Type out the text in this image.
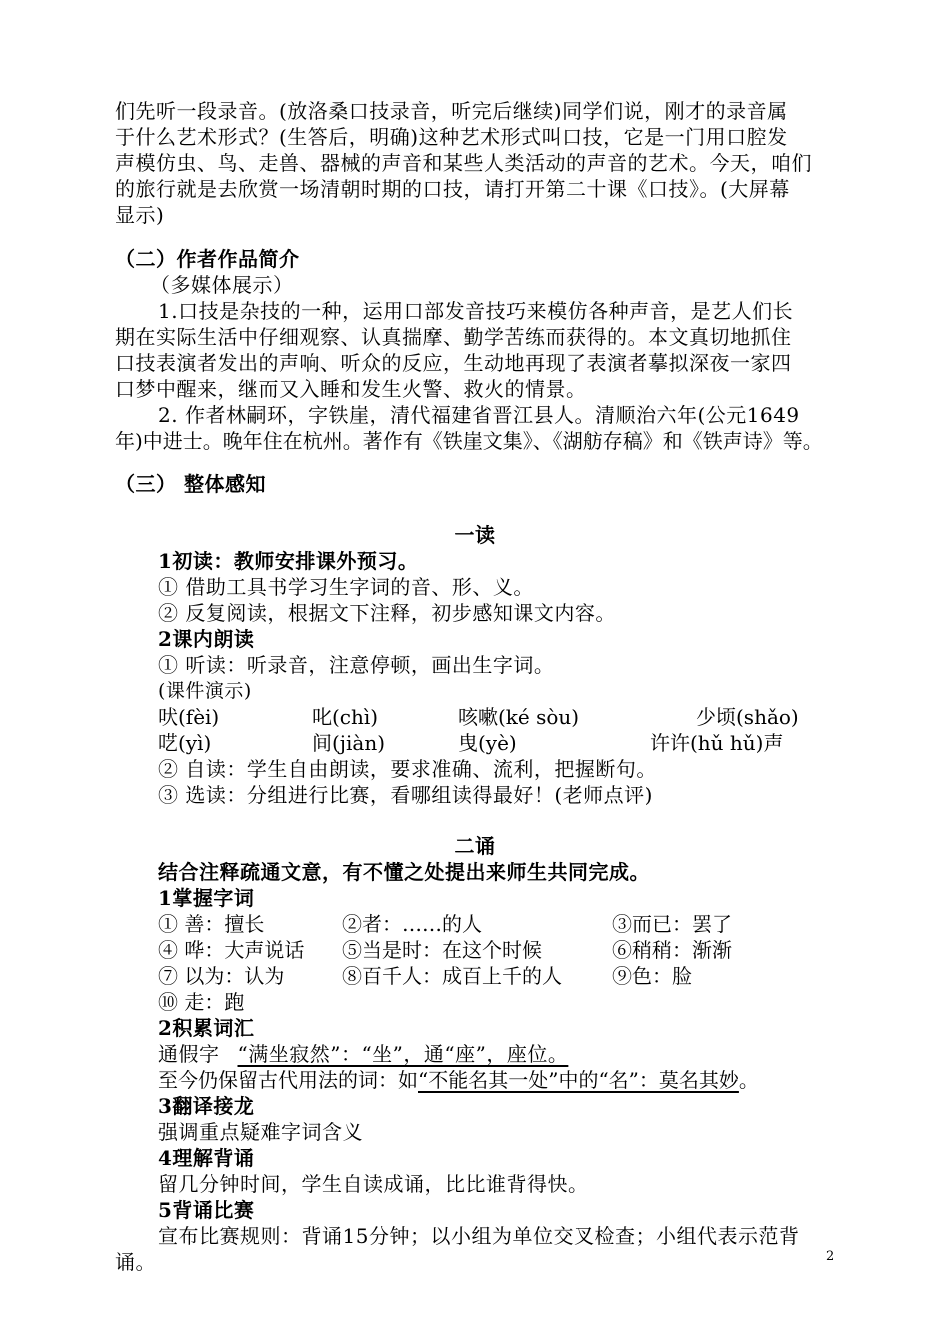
们先听一段录音。(放洛桑口技录音，听完后继续)同学们说，刚才的录音属
于什么艺术形式？(生答后，明确)这种艺术形式叫口技，它是一门用口腔发
声模仿虫、鸟、走兽、器械的声音和某些人类活动的声音的艺术。今天，咱们
的旅行就是去欣赏一场清朝时期的口技，请打开第二十课《口技》。(大屏幕
显示)
（二）作者作品简介
（多媒体展示）
1.口技是杂技的一种，运用口部发音技巧来模仿各种声音，是艺人们长
期在实际生活中仔细观察、认真揣摩、勤学苦练而获得的。本文真切地抓住
口技表演者发出的声响、听众的反应，生动地再现了表演者摹拟深夜一家四
口梦中醒来，继而又入睡和发生火警、救火的情景。
2. 作者林嗣环，字铁崖，清代福建省晋江县人。清顺治六年(公元1649
年)中进士。晚年住在杭州。著作有《铁崖文集》、《湖舫存稿》和《铁声诗》等。
（三） 整体感知
一读
1初读：教师安排课外预习。
① 借助工具书学习生字词的音、形、义。
② 反复阅读，根据文下注释，初步感知课文内容。
2课内朗读
① 听读：听录音，注意停顿，画出生字词。
(课件演示)
吠(fèi)	叱(chì)	咳嗽(ké sòu)	少顷(shǎo)
呓(yì)	间(jiàn)	曳(yè)	许许(hǔ hǔ)声
② 自读：学生自由朗读，要求准确、流利，把握断句。
③ 选读：分组进行比赛，看哪组读得最好！(老师点评)
二诵
结合注释疏通文意，有不懂之处提出来师生共同完成。
1掌握字词
① 善：擅长	②者：……的人	③而已：罢了
④ 哗：大声说话 ⑤当是时：在这个时候	⑥稍稍：渐渐
⑦ 以为：认为	⑧百千人：成百上千的人	⑨色：脸
⑩ 走：跑
2积累词汇
通假字 “满坐寂然”：“坐”，通“座”，座位。
至今仍保留古代用法的词：如“不能名其一处”中的“名”：莫名其妙。
3翻译接龙
强调重点疑难字词含义
4理解背诵
留几分钟时间，学生自读成诵，比比谁背得快。
5背诵比赛
宣布比赛规则：背诵15分钟；以小组为单位交叉检查；小组代表示范背
诵。	2
